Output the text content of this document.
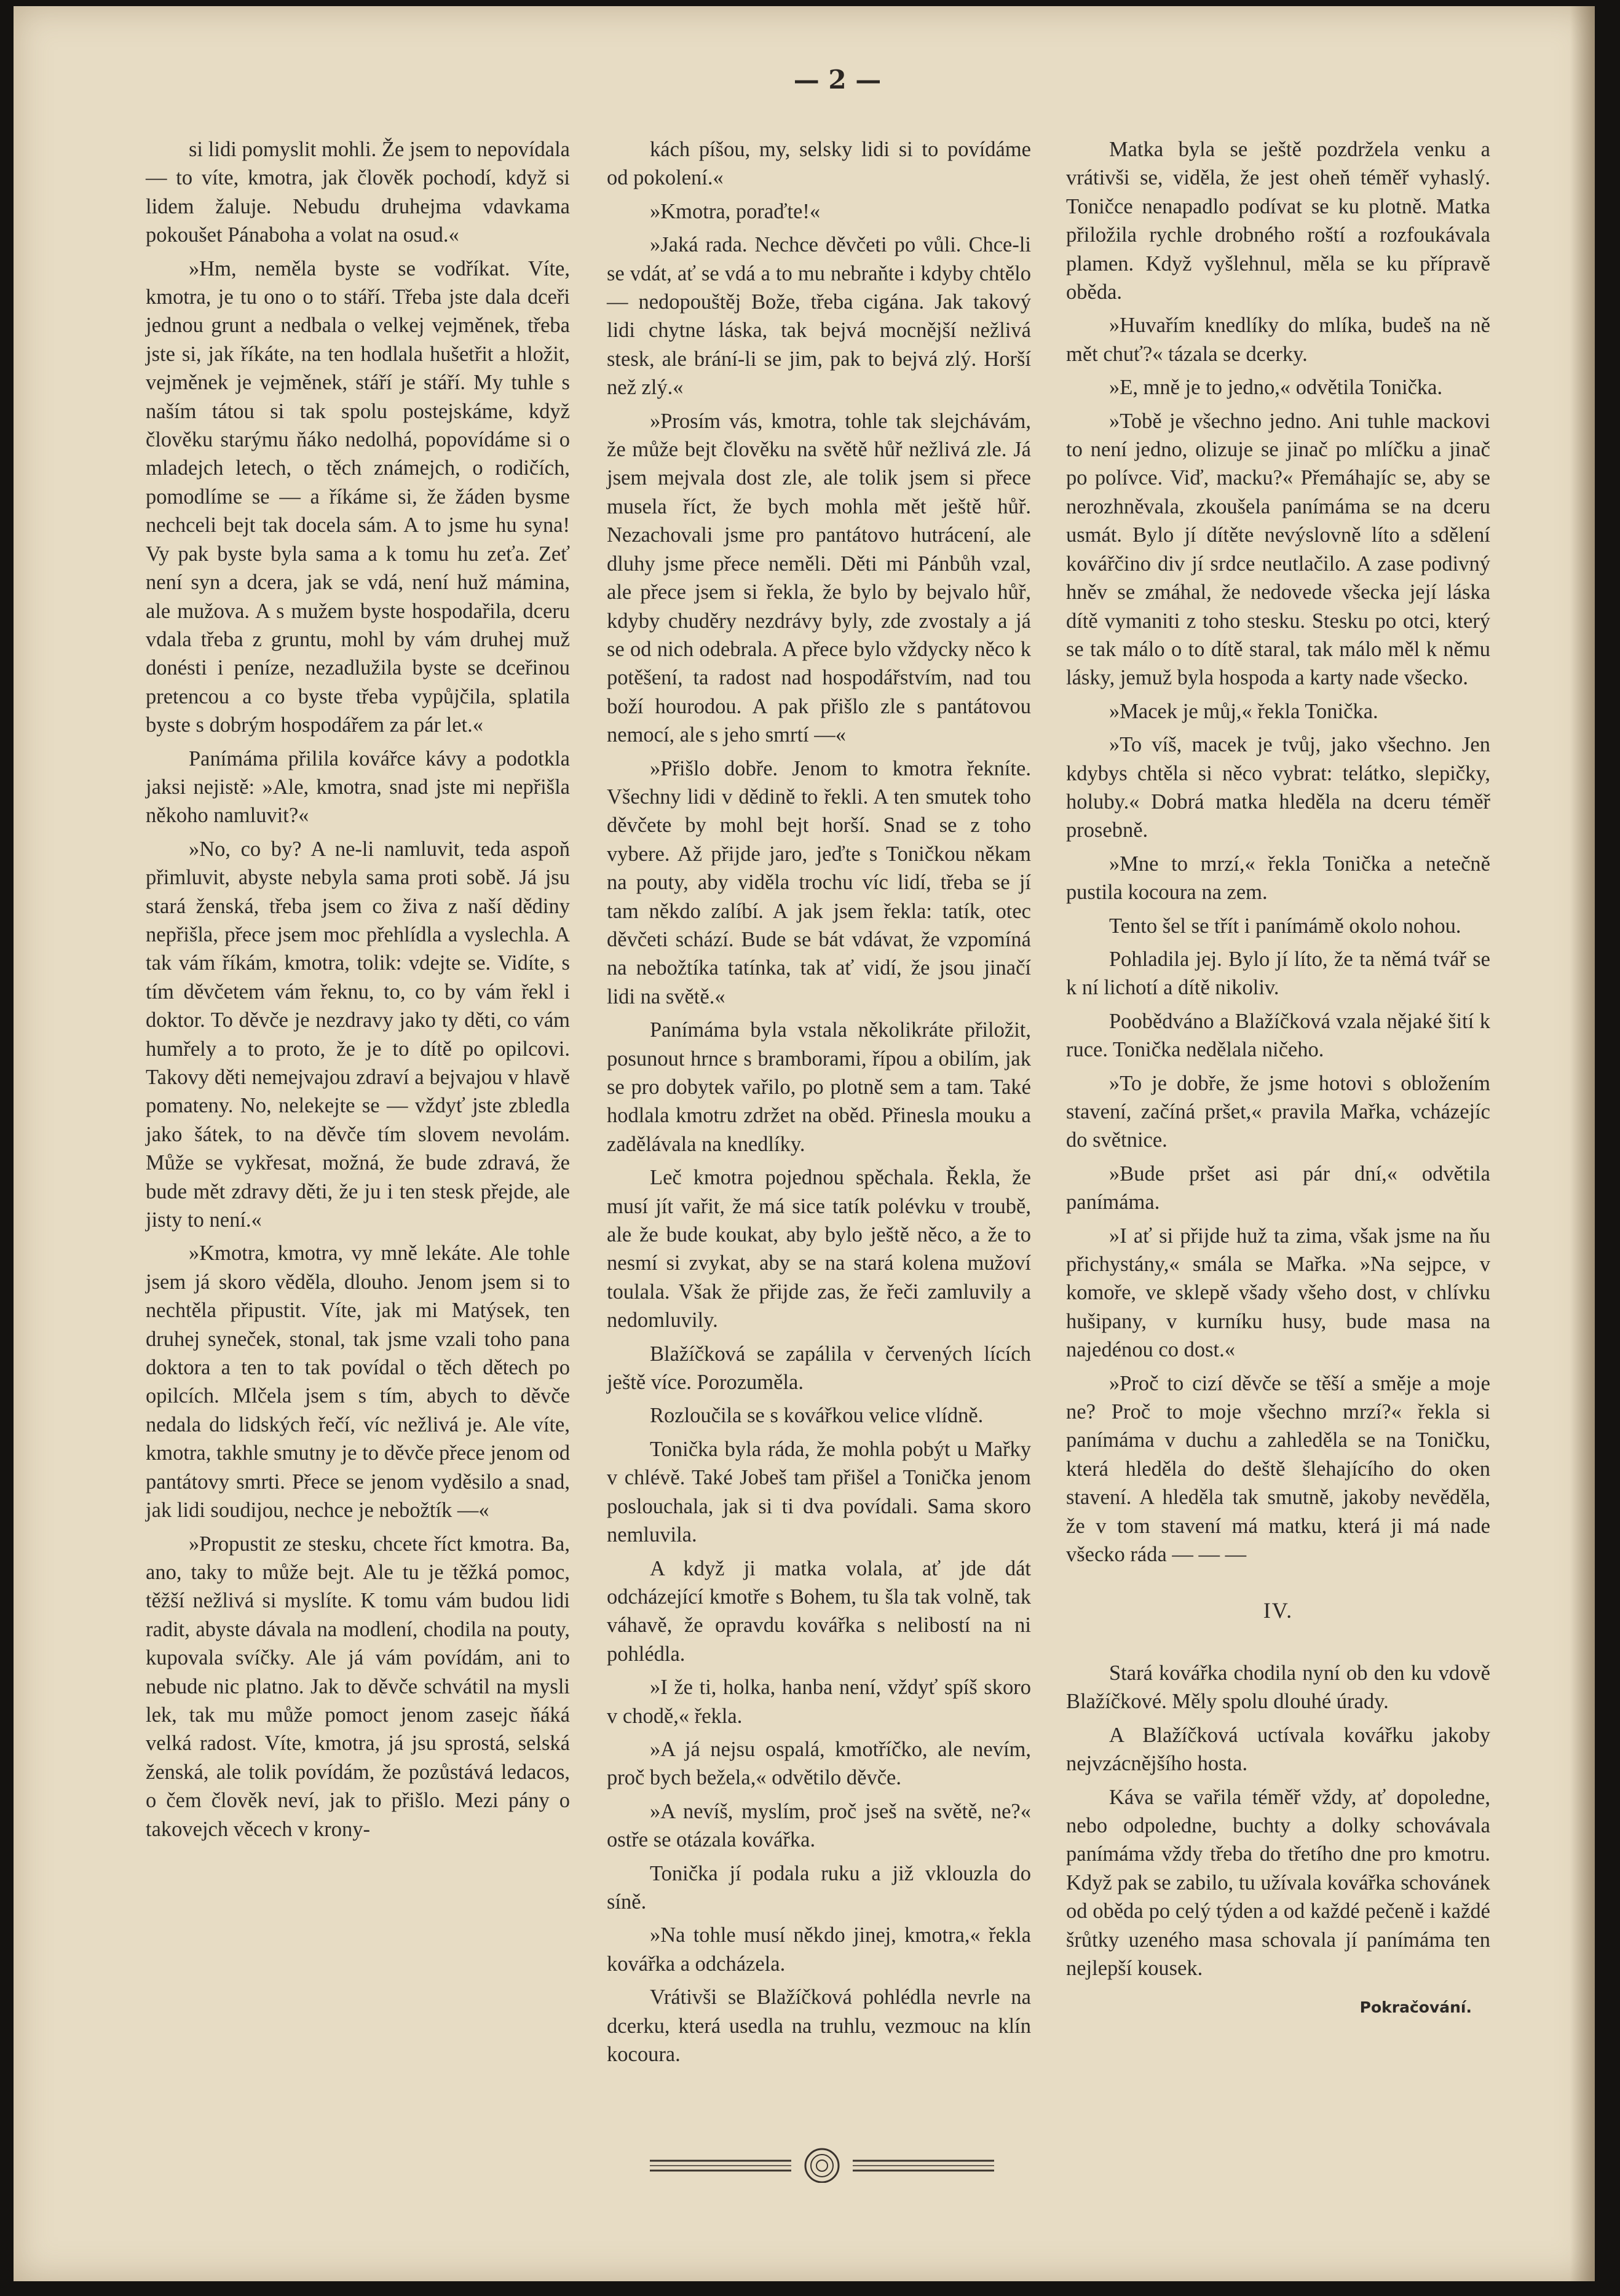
— 2 —

si lidi pomyslit mohli. Že jsem to nepovídala — to víte, kmotra, jak člověk pochodí, když si lidem žaluje. Nebudu druhejma vdavkama pokoušet Pánaboha a volat na osud.«

»Hm, neměla byste se vodříkat. Víte, kmotra, je tu ono o to stáří. Třeba jste dala dceři jednou grunt a nedbala o velkej vejměnek, třeba jste si, jak říkáte, na ten hodlala hušetřit a hložit, vejměnek je vejměnek, stáří je stáří. My tuhle s naším tátou si tak spolu postejskáme, když člověku starýmu ňáko nedolhá, popovídáme si o mladejch letech, o těch známejch, o rodičích, pomodlíme se — a říkáme si, že žáden bysme nechceli bejt tak docela sám. A to jsme hu syna! Vy pak byste byla sama a k tomu hu zeťa. Zeť není syn a dcera, jak se vdá, není huž mámina, ale mužova. A s mužem byste hospodařila, dceru vdala třeba z gruntu, mohl by vám druhej muž donésti i peníze, nezadlužila byste se dceřinou pretencou a co byste třeba vypůjčila, splatila byste s dobrým hospodářem za pár let.«

Panímáma přilila kovářce kávy a podotkla jaksi nejistě: »Ale, kmotra, snad jste mi nepřišla někoho namluvit?«

»No, co by? A ne-li namluvit, teda aspoň přimluvit, abyste nebyla sama proti sobě. Já jsu stará ženská, třeba jsem co živa z naší dědiny nepřišla, přece jsem moc přehlídla a vyslechla. A tak vám říkám, kmotra, tolik: vdejte se. Vidíte, s tím děvčetem vám řeknu, to, co by vám řekl i doktor. To děvče je nezdravy jako ty děti, co vám humřely a to proto, že je to dítě po opilcovi. Takovy děti nemejvajou zdraví a bejvajou v hlavě pomateny. No, nelekejte se — vždyť jste zbledla jako šátek, to na děvče tím slovem nevolám. Může se vykřesat, možná, že bude zdravá, že bude mět zdravy děti, že ju i ten stesk přejde, ale jisty to není.«

»Kmotra, kmotra, vy mně lekáte. Ale tohle jsem já skoro věděla, dlouho. Jenom jsem si to nechtěla připustit. Víte, jak mi Matýsek, ten druhej syneček, stonal, tak jsme vzali toho pana doktora a ten to tak povídal o těch dětech po opilcích. Mlčela jsem s tím, abych to děvče nedala do lidských řečí, víc nežlivá je. Ale víte, kmotra, takhle smutny je to děvče přece jenom od pantátovy smrti. Přece se jenom vyděsilo a snad, jak lidi soudijou, nechce je nebožtík —«

»Propustit ze stesku, chcete říct kmotra. Ba, ano, taky to může bejt. Ale tu je těžká pomoc, těžší nežlivá si myslíte. K tomu vám budou lidi radit, abyste dávala na modlení, chodila na pouty, kupovala svíčky. Ale já vám povídám, ani to nebude nic platno. Jak to děvče schvátil na mysli lek, tak mu může pomoct jenom zasejc ňáká velká radost. Víte, kmotra, já jsu sprostá, selská ženská, ale tolik povídám, že pozůstává ledacos, o čem člověk neví, jak to přišlo. Mezi pány o takovejch věcech v krony-

kách píšou, my, selsky lidi si to povídáme od pokolení.«

»Kmotra, poraďte!«

»Jaká rada. Nechce děvčeti po vůli. Chce-li se vdát, ať se vdá a to mu nebraňte i kdyby chtělo — nedopouštěj Bože, třeba cigána. Jak takový lidi chytne láska, tak bejvá mocnější nežlivá stesk, ale brání-li se jim, pak to bejvá zlý. Horší než zlý.«

»Prosím vás, kmotra, tohle tak slejchávám, že může bejt člověku na světě hůř nežlivá zle. Já jsem mejvala dost zle, ale tolik jsem si přece musela říct, že bych mohla mět ještě hůř. Nezachovali jsme pro pantátovo hutrácení, ale dluhy jsme přece neměli. Děti mi Pánbůh vzal, ale přece jsem si řekla, že bylo by bejvalo hůř, kdyby chuděry nezdrávy byly, zde zvostaly a já se od nich odebrala. A přece bylo vždycky něco k potěšení, ta radost nad hospodářstvím, nad tou boží hourodou. A pak přišlo zle s pantátovou nemocí, ale s jeho smrtí —«

»Přišlo dobře. Jenom to kmotra řekníte. Všechny lidi v dědině to řekli. A ten smutek toho děvčete by mohl bejt horší. Snad se z toho vybere. Až přijde jaro, jeďte s Toničkou někam na pouty, aby viděla trochu víc lidí, třeba se jí tam někdo zalíbí. A jak jsem řekla: tatík, otec děvčeti schází. Bude se bát vdávat, že vzpomíná na nebožtíka tatínka, tak ať vidí, že jsou jinačí lidi na světě.«

Panímáma byla vstala několikráte přiložit, posunout hrnce s bramborami, řípou a obilím, jak se pro dobytek vařilo, po plotně sem a tam. Také hodlala kmotru zdržet na oběd. Přinesla mouku a zadělávala na knedlíky.

Leč kmotra pojednou spěchala. Řekla, že musí jít vařit, že má sice tatík polévku v troubě, ale že bude koukat, aby bylo ještě něco, a že to nesmí si zvykat, aby se na stará kolena mužoví toulala. Však že přijde zas, že řeči zamluvily a nedomluvily.

Blažíčková se zapálila v červených lících ještě více. Porozuměla.

Rozloučila se s kovářkou velice vlídně.

Tonička byla ráda, že mohla pobýt u Mařky v chlévě. Také Jobeš tam přišel a Tonička jenom poslouchala, jak si ti dva povídali. Sama skoro nemluvila.

A když ji matka volala, ať jde dát odcházející kmotře s Bohem, tu šla tak volně, tak váhavě, že opravdu kovářka s nelibostí na ni pohlédla.

»I že ti, holka, hanba není, vždyť spíš skoro v chodě,« řekla.

»A já nejsu ospalá, kmotříčko, ale nevím, proč bych bežela,« odvětilo děvče.

»A nevíš, myslím, proč jseš na světě, ne?« ostře se otázala kovářka.

Tonička jí podala ruku a již vklouzla do síně.

»Na tohle musí někdo jinej, kmotra,« řekla kovářka a odcházela.

Vrátivši se Blažíčková pohlédla nevrle na dcerku, která usedla na truhlu, vezmouc na klín kocoura.

Matka byla se ještě pozdržela venku a vrátivši se, viděla, že jest oheň téměř vyhaslý. Toničce nenapadlo podívat se ku plotně. Matka přiložila rychle drobného roští a rozfoukávala plamen. Když vyšlehnul, měla se ku přípravě oběda.

»Huvařím knedlíky do mlíka, budeš na ně mět chuť?« tázala se dcerky.

»E, mně je to jedno,« odvětila Tonička.

»Tobě je všechno jedno. Ani tuhle mackovi to není jedno, olizuje se jinač po mlíčku a jinač po polívce. Viď, macku?« Přemáhajíc se, aby se nerozhněvala, zkoušela panímáma se na dceru usmát. Bylo jí dítěte nevýslovně líto a sdělení kovářčino div jí srdce neutlačilo. A zase podivný hněv se zmáhal, že nedovede všecka její láska dítě vymaniti z toho stesku. Stesku po otci, který se tak málo o to dítě staral, tak málo měl k němu lásky, jemuž byla hospoda a karty nade všecko.

»Macek je můj,« řekla Tonička.

»To víš, macek je tvůj, jako všechno. Jen kdybys chtěla si něco vybrat: telátko, slepičky, holuby.« Dobrá matka hleděla na dceru téměř prosebně.

»Mne to mrzí,« řekla Tonička a netečně pustila kocoura na zem.

Tento šel se třít i panímámě okolo nohou.

Pohladila jej. Bylo jí líto, že ta němá tvář se k ní lichotí a dítě nikoliv.

Poobědváno a Blažíčková vzala nějaké šití k ruce. Tonička nedělala ničeho.

»To je dobře, že jsme hotovi s obložením stavení, začíná pršet,« pravila Mařka, vcházejíc do světnice.

»Bude pršet asi pár dní,« odvětila panímáma.

»I ať si přijde huž ta zima, však jsme na ňu přichystány,« smála se Mařka. »Na sejpce, v komoře, ve sklepě všady všeho dost, v chlívku hušipany, v kurníku husy, bude masa na najedénou co dost.«

»Proč to cizí děvče se těší a směje a moje ne? Proč to moje všechno mrzí?« řekla si panímáma v duchu a zahleděla se na Toničku, která hleděla do deště šlehajícího do oken stavení. A hleděla tak smutně, jakoby nevěděla, že v tom stavení má matku, která ji má nade všecko ráda — — —

IV.

Stará kovářka chodila nyní ob den ku vdově Blažíčkové. Měly spolu dlouhé úrady.

A Blažíčková uctívala kovářku jakoby nejvzácnějšího hosta.

Káva se vařila téměř vždy, ať dopoledne, nebo odpoledne, buchty a dolky schovávala panímáma vždy třeba do třetího dne pro kmotru. Když pak se zabilo, tu užívala kovářka schovánek od oběda po celý týden a od každé pečeně i každé šrůtky uzeného masa schovala jí panímáma ten nejlepší kousek.

Pokračování.
